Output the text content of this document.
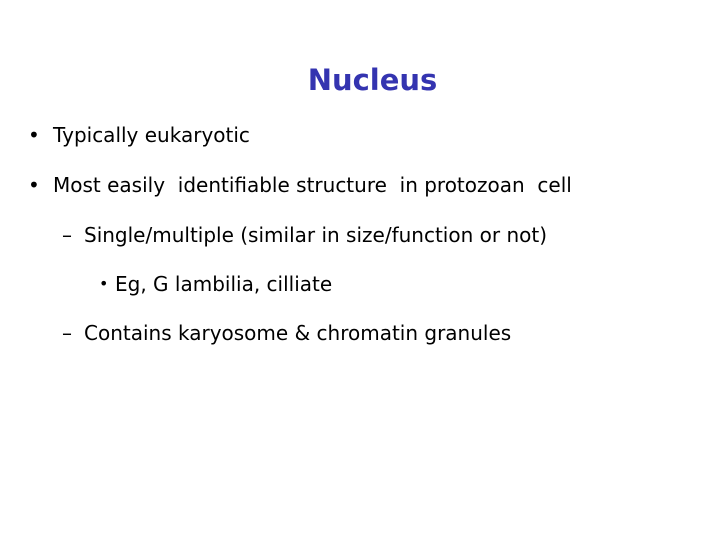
Nucleus
• Typically eukaryotic
• Most easily  identifiable structure  in protozoan  cell
– Single/multiple (similar in size/function or not)
• Eg, G lambilia, cilliate
– Contains karyosome & chromatin granules
